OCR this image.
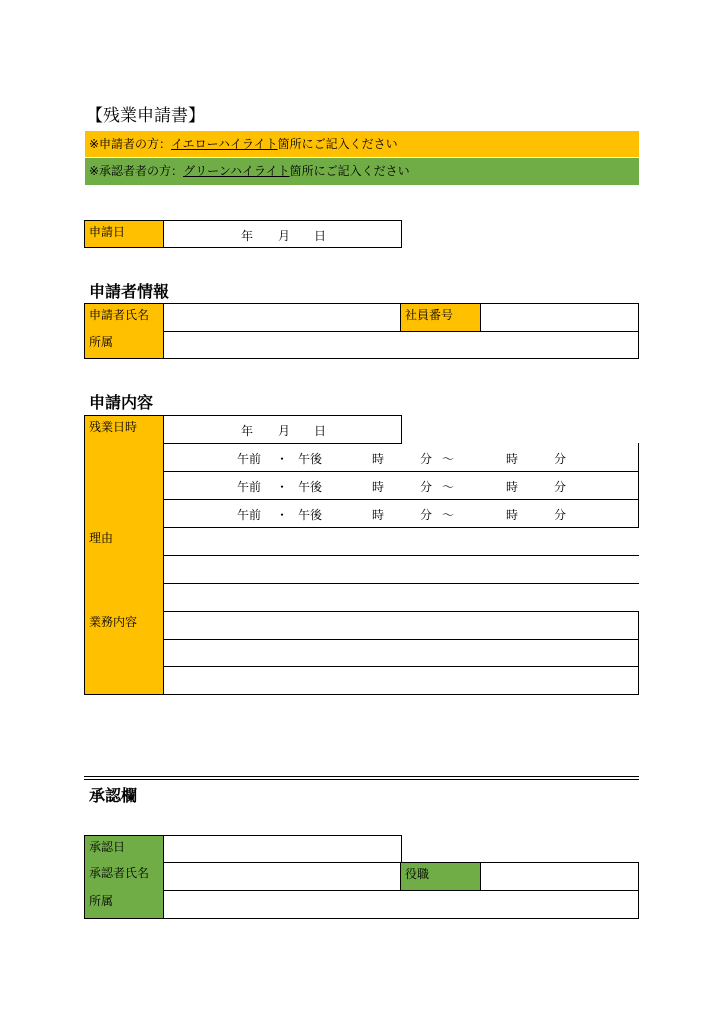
【残業申請書】
※申請者の方：イエローハイライト箇所にご記入ください
※承認者者の方：グリーンハイライト箇所にご記入ください
申請日	年 月 日
申請者情報
申請者氏名	社員番号
所属
申請内容
残業日時	年 月 日
午前 ・ 午後	時	分 ～	時	分
午前 ・ 午後	時	分 ～	時	分
午前 ・ 午後	時	分 ～	時	分
理由
業務内容
承認欄
承認日
承認者氏名	役職
所属
